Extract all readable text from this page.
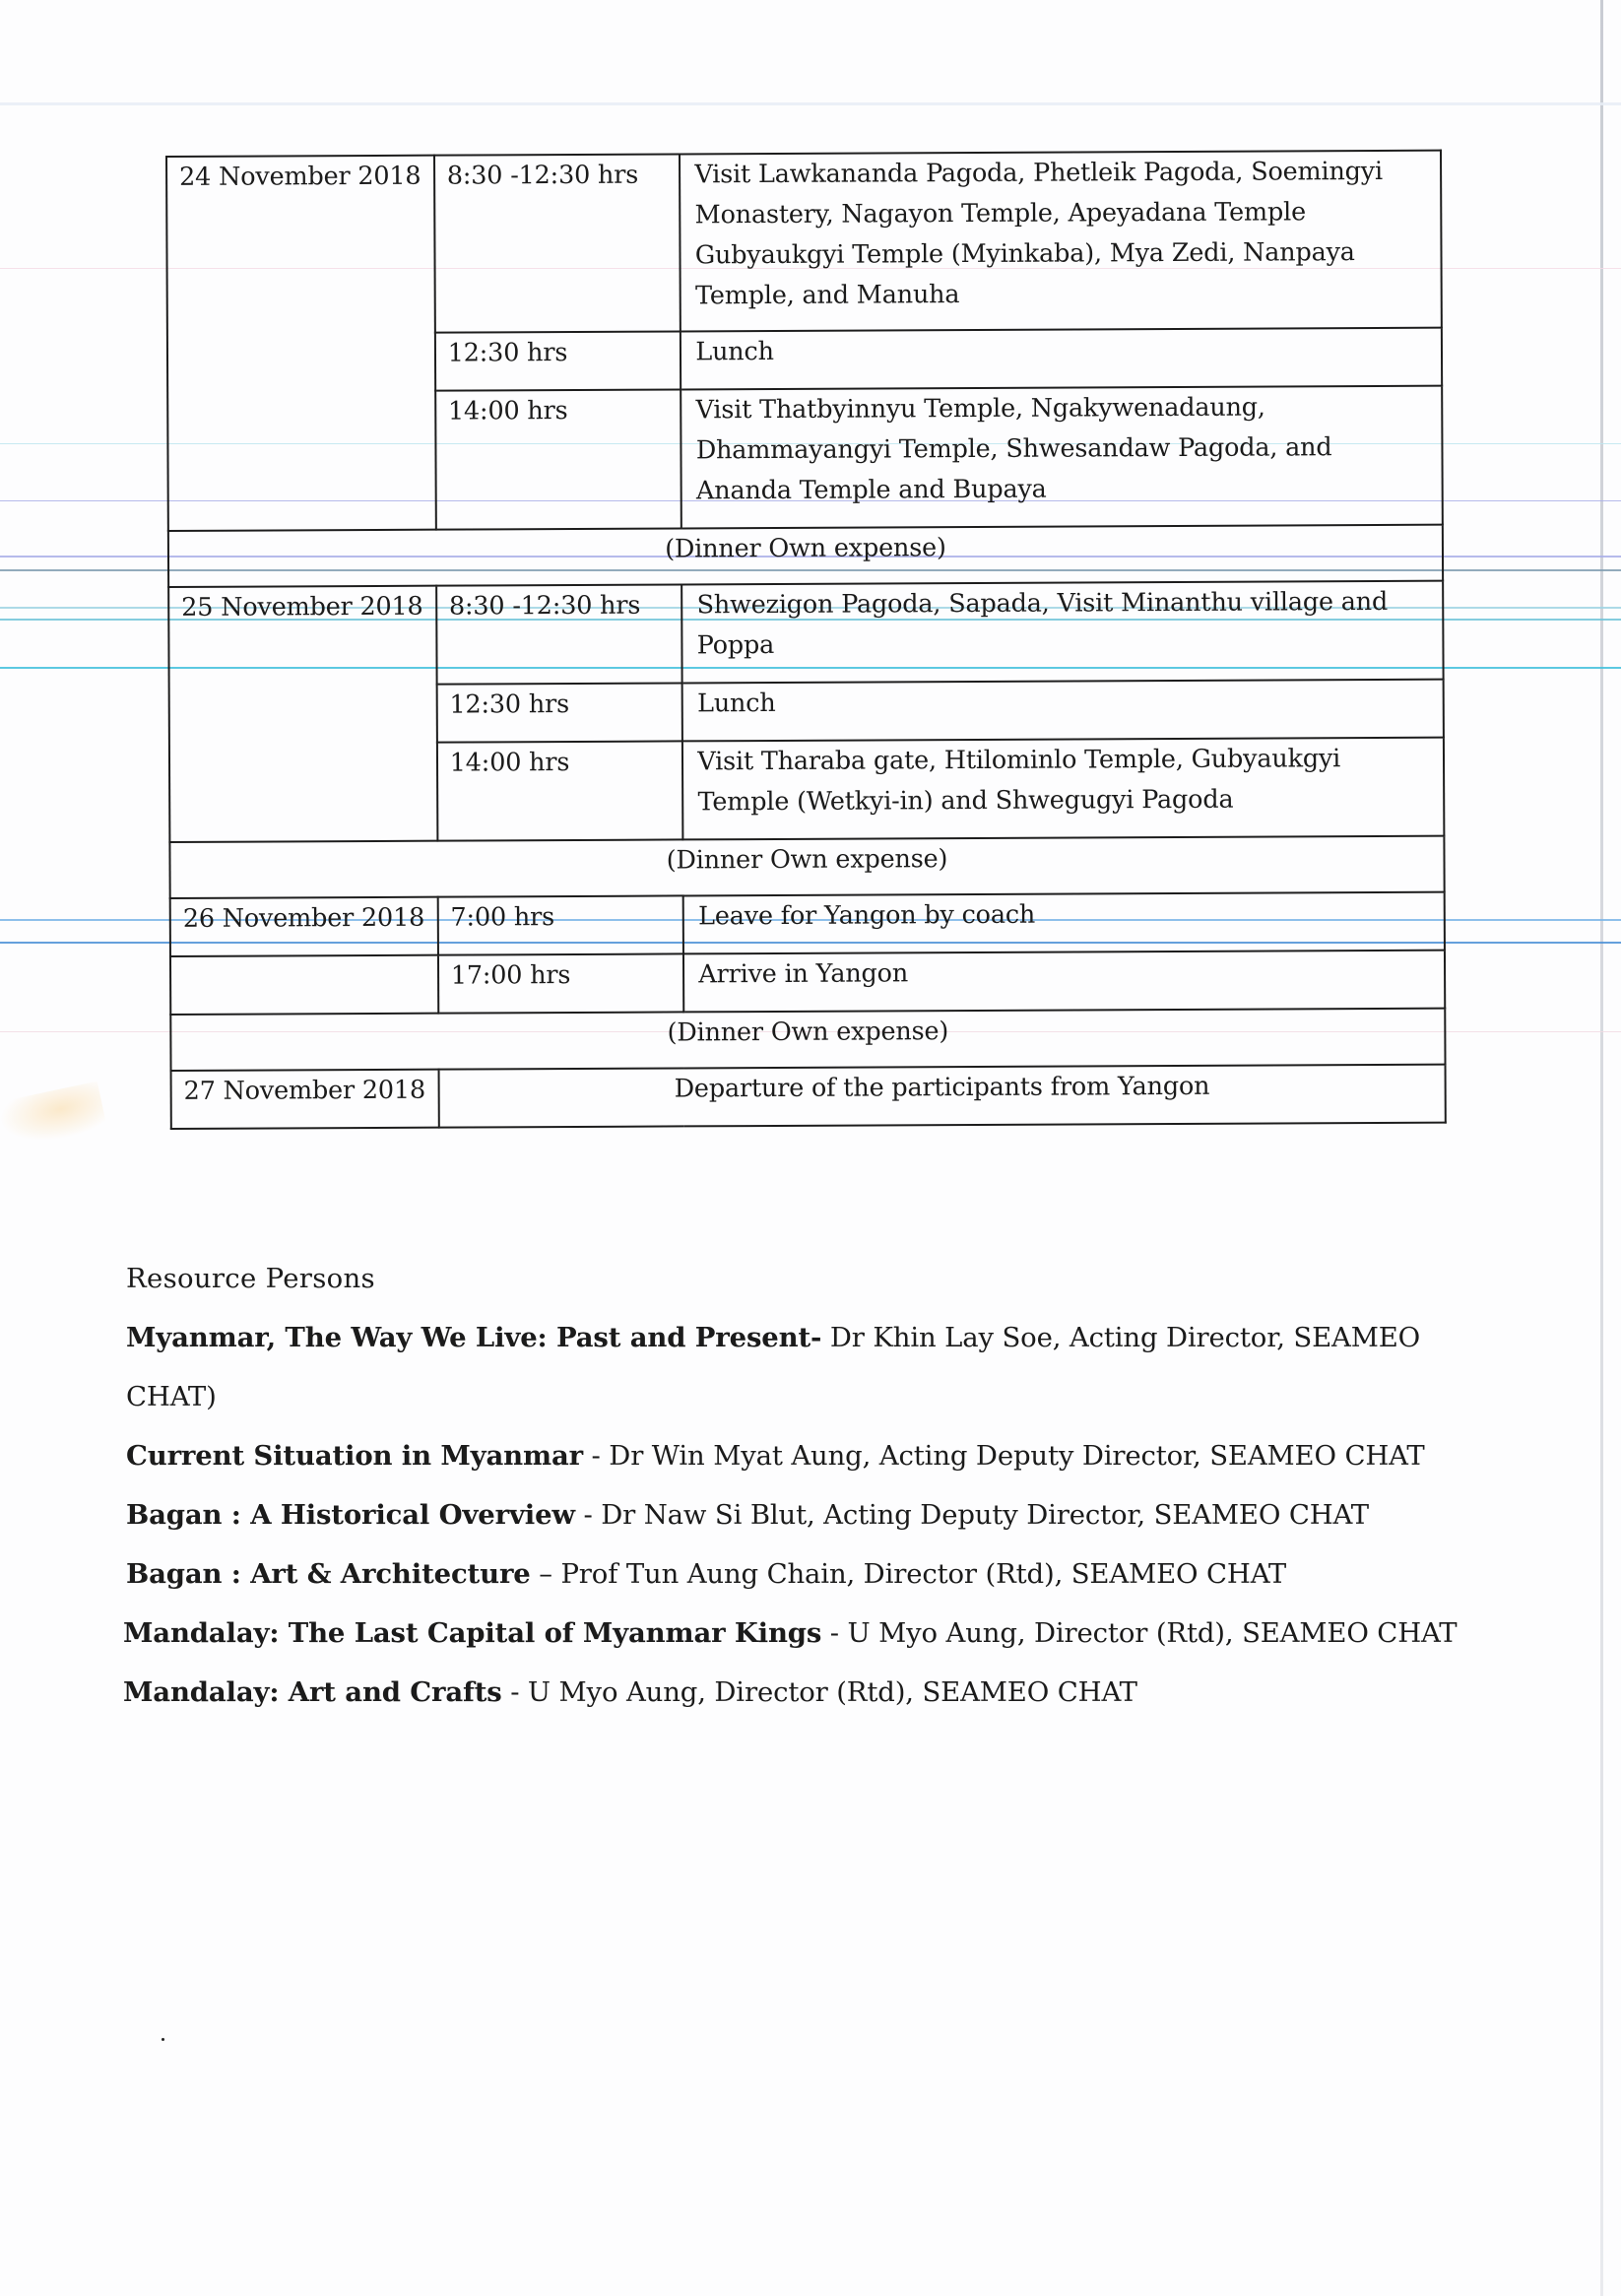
24 November 2018	8:30 -12:30 hrs	Visit Lawkananda Pagoda, Phetleik Pagoda, Soemingyi Monastery, Nagayon Temple, Apeyadana Temple Gubyaukgyi Temple (Myinkaba), Mya Zedi, Nanpaya Temple, and Manuha
	12:30 hrs	Lunch
	14:00 hrs	Visit Thatbyinnyu Temple, Ngakywenadaung, Dhammayangyi Temple, Shwesandaw Pagoda, and Ananda Temple and Bupaya
(Dinner Own expense)		
25 November 2018	8:30 -12:30 hrs	Shwezigon Pagoda, Sapada, Visit Minanthu village and Poppa
	12:30 hrs	Lunch
	14:00 hrs	Visit Tharaba gate, Htilominlo Temple, Gubyaukgyi Temple (Wetkyi-in) and Shwegugyi Pagoda
(Dinner Own expense)		
26 November 2018	7:00 hrs	Leave for Yangon by coach
	17:00 hrs	Arrive in Yangon
(Dinner Own expense)		
27 November 2018	Departure of the participants from Yangon	

Resource Persons

Myanmar, The Way We Live: Past and Present- Dr Khin Lay Soe, Acting Director, SEAMEO CHAT)

Current Situation in Myanmar - Dr Win Myat Aung, Acting Deputy Director, SEAMEO CHAT

Bagan : A Historical Overview - Dr Naw Si Blut, Acting Deputy Director, SEAMEO CHAT

Bagan : Art & Architecture – Prof Tun Aung Chain, Director (Rtd), SEAMEO CHAT

Mandalay: The Last Capital of Myanmar Kings - U Myo Aung, Director (Rtd), SEAMEO CHAT

Mandalay: Art and Crafts - U Myo Aung, Director (Rtd), SEAMEO CHAT
